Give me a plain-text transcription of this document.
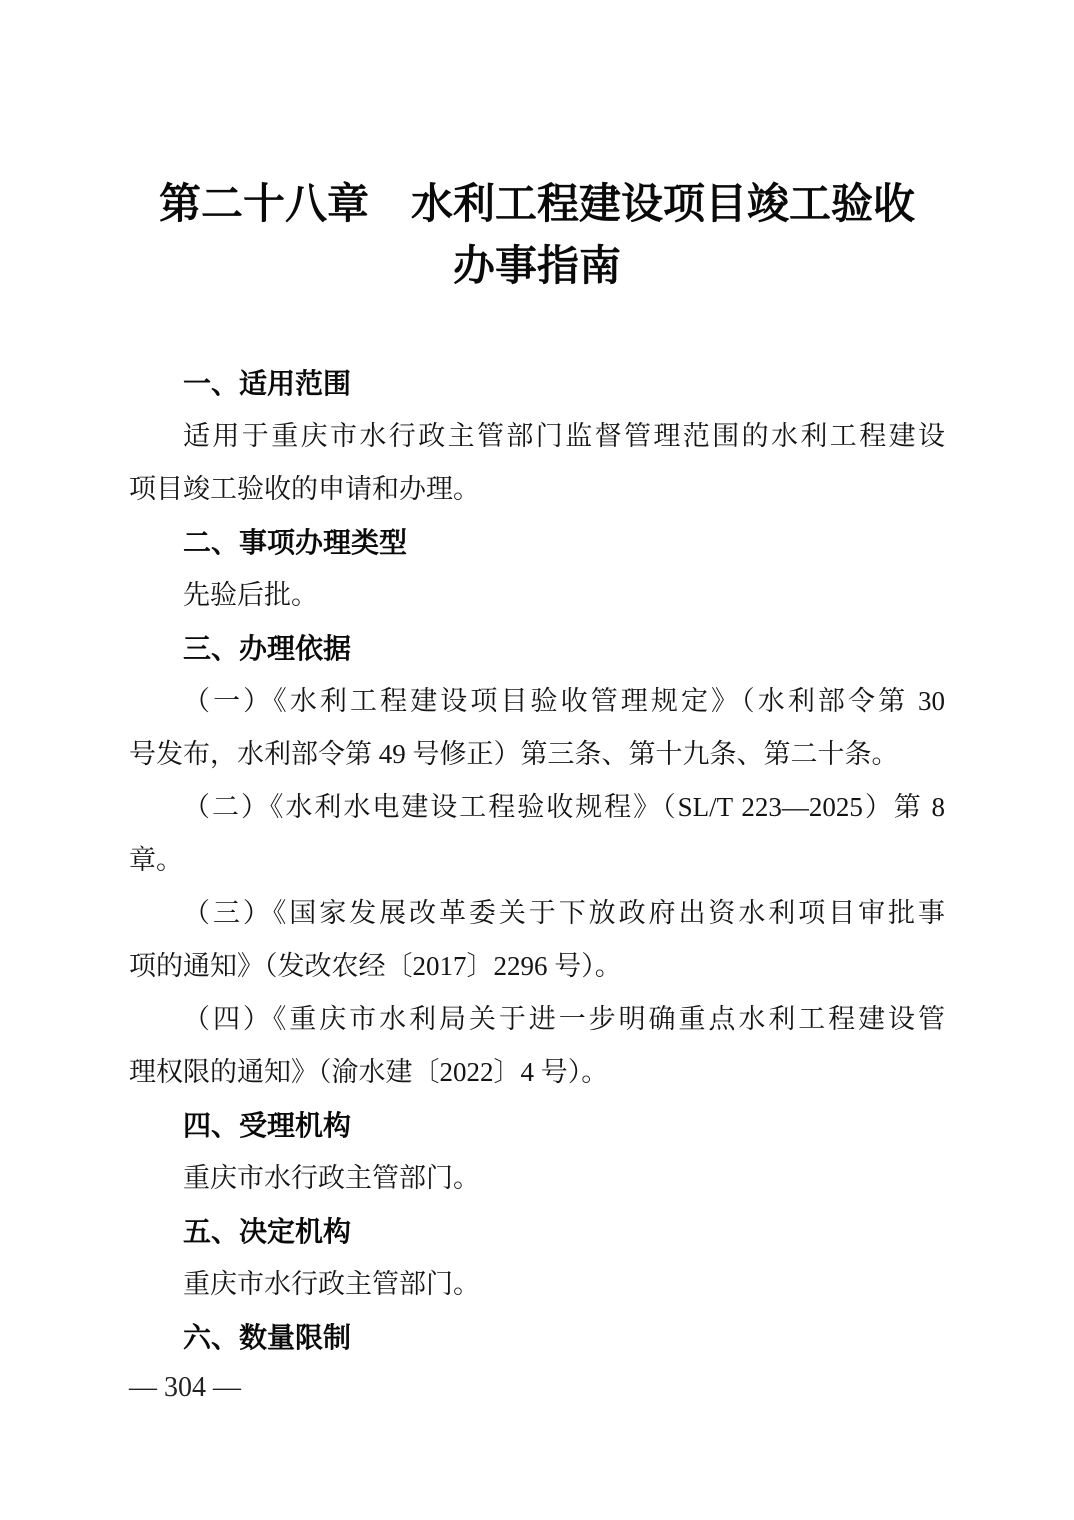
第二十八章　水利工程建设项目竣工验收
办事指南
一、适用范围
适用于重庆市水行政主管部门监督管理范围的水利工程建设
项目竣工验收的申请和办理。
二、事项办理类型
先验后批。
三、办理依据
（一）《水利工程建设项目验收管理规定》（水利部令第 30
号发布，水利部令第 49 号修正）第三条、第十九条、第二十条。
（二）《水利水电建设工程验收规程》（SL/T 223—2025）第 8
章。
（三）《国家发展改革委关于下放政府出资水利项目审批事
项的通知》（发改农经〔2017〕2296 号）。
（四）《重庆市水利局关于进一步明确重点水利工程建设管
理权限的通知》（渝水建〔2022〕4 号）。
四、受理机构
重庆市水行政主管部门。
五、决定机构
重庆市水行政主管部门。
六、数量限制
— 304 —
